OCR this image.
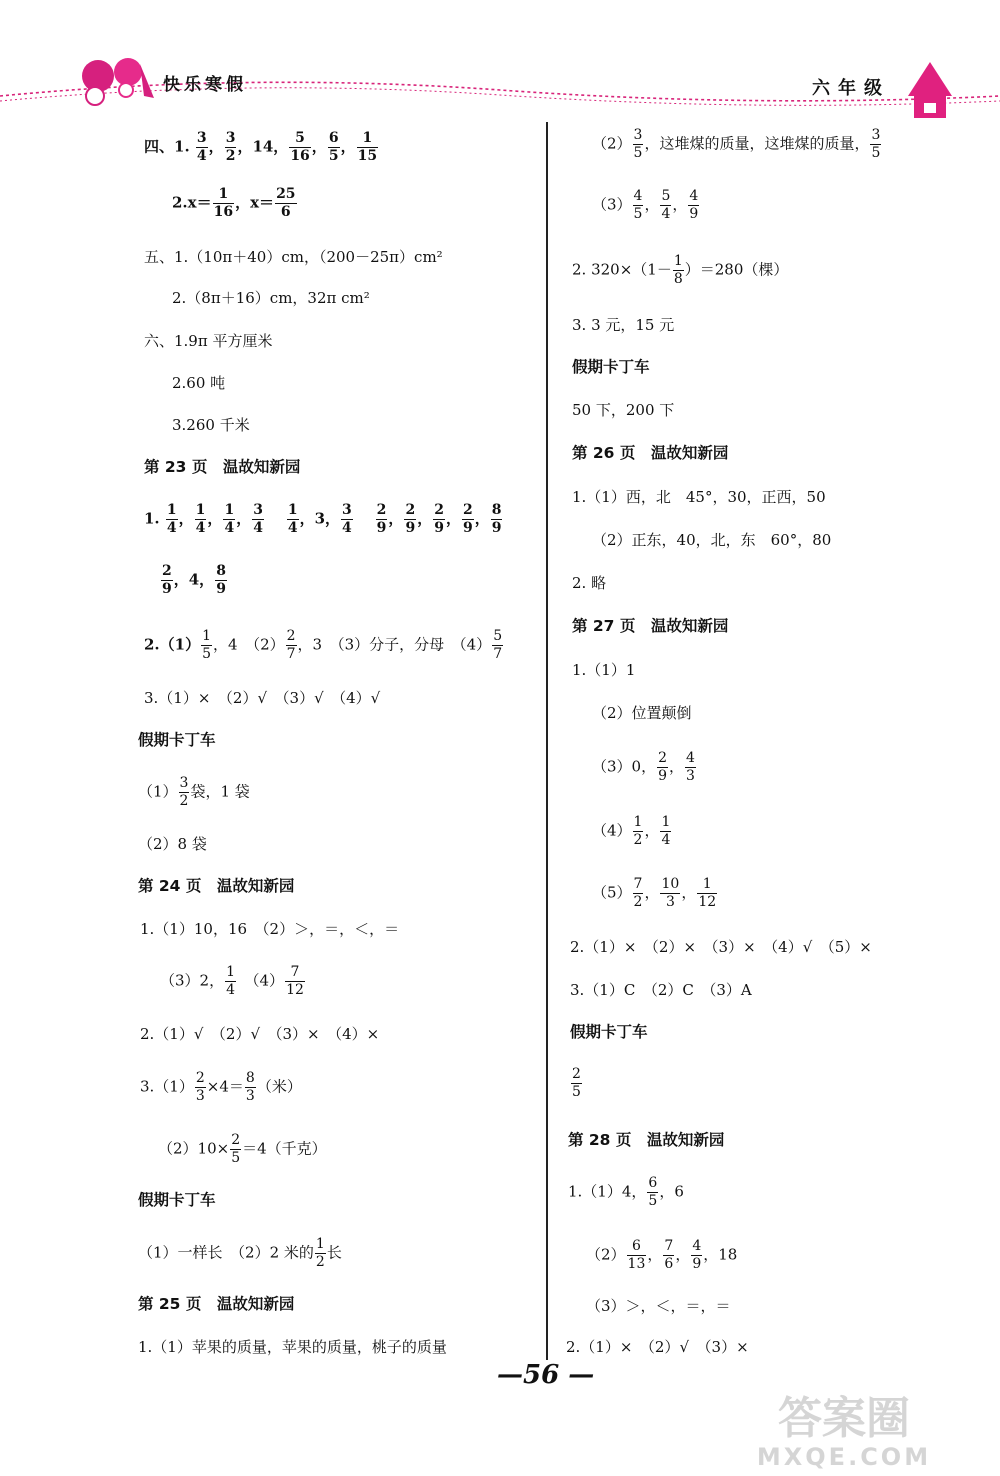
快乐寒假	六年级
四、1. $\frac{3}{4}$ ， $\frac{3}{2}$ ，14， $\frac{5}{16}$ ， $\frac{6}{5}$ ， $\frac{1}{15}$
$2.x= \frac{1}{16}$ ，$x= \frac{25}{6}$
五、1.（10π＋40）cm，（200－25π）cm²
2.（8π＋16）cm，32π cm²
六、1.9π 平方厘米
2.60 吨
3.260 千米
第 23 页　温故知新园
1. $\frac{1}{4}$ ， $\frac{1}{4}$ ， $\frac{1}{4}$ ， $\frac{3}{4}$
$\frac{1}{4}$ ，3， $\frac{3}{4}$
$\frac{2}{9}$ ， $\frac{2}{9}$ ， $\frac{2}{9}$ ， $\frac{2}{9}$ ， $\frac{8}{9}$
$\frac{2}{9}$ ，4， $\frac{8}{9}$
$2.(1) \frac{1}{5}$ ，4　$(2) \frac{2}{7}$ ，3　（3）分子，分母　$(4) \frac{5}{7}$
3.（1）×　（2）√　（3）√　（4）√
假期卡丁车
$(1) \frac{3}{2}$ 袋，1 袋
（2）8 袋
第 24 页　温故知新园
1.（1）10，16　（2）＞，＝，＜，＝
（3）2， $\frac{1}{4}$ 　$(4) \frac{7}{12}$
2.（1）√　（2）√　（3）×　（4）×
$3.(1) \frac{2}{3} \times 4= \frac{8}{3}$ （米）
$(2)10\times \frac{2}{5} =4$（千克）
假期卡丁车
（1）一样长　（2）2 米的 $\frac{1}{2}$ 长
第 25 页　温故知新园
1.（1）苹果的质量，苹果的质量，桃子的质量
$(2) \frac{3}{5}$ ，这堆煤的质量，这堆煤的质量， $\frac{3}{5}$
$(3) \frac{4}{5}$ ， $\frac{5}{4}$ ， $\frac{4}{9}$
2. $320\times(1- \frac{1}{8} )=280$（棵）
3. 3 元，15 元
假期卡丁车
50 下，200 下
第 26 页　温故知新园
1.（1）西，北　45°，30，正西，50
（2）正东，40，北，东　60°，80
2. 略
第 27 页　温故知新园
1.（1）1
（2）位置颠倒
（3）0， $\frac{2}{9}$ ， $\frac{4}{3}$
$(4) \frac{1}{2}$ ， $\frac{1}{4}$
$(5) \frac{7}{2}$ ， $\frac{10}{3}$ ， $\frac{1}{12}$
2.（1）×　（2）×　（3）×　（4）√　（5）×
3.（1）C　（2）C　（3）A
假期卡丁车
$\frac{2}{5}$
第 28 页　温故知新园
1.（1）4， $\frac{6}{5}$ ，6
$(2) \frac{6}{13}$ ， $\frac{7}{6}$ ， $\frac{4}{9}$ ，18
（3）＞，＜，＝，＝
2.（1）×　（2）√　（3）×
—56 —
答案圈
MXQE.COM
